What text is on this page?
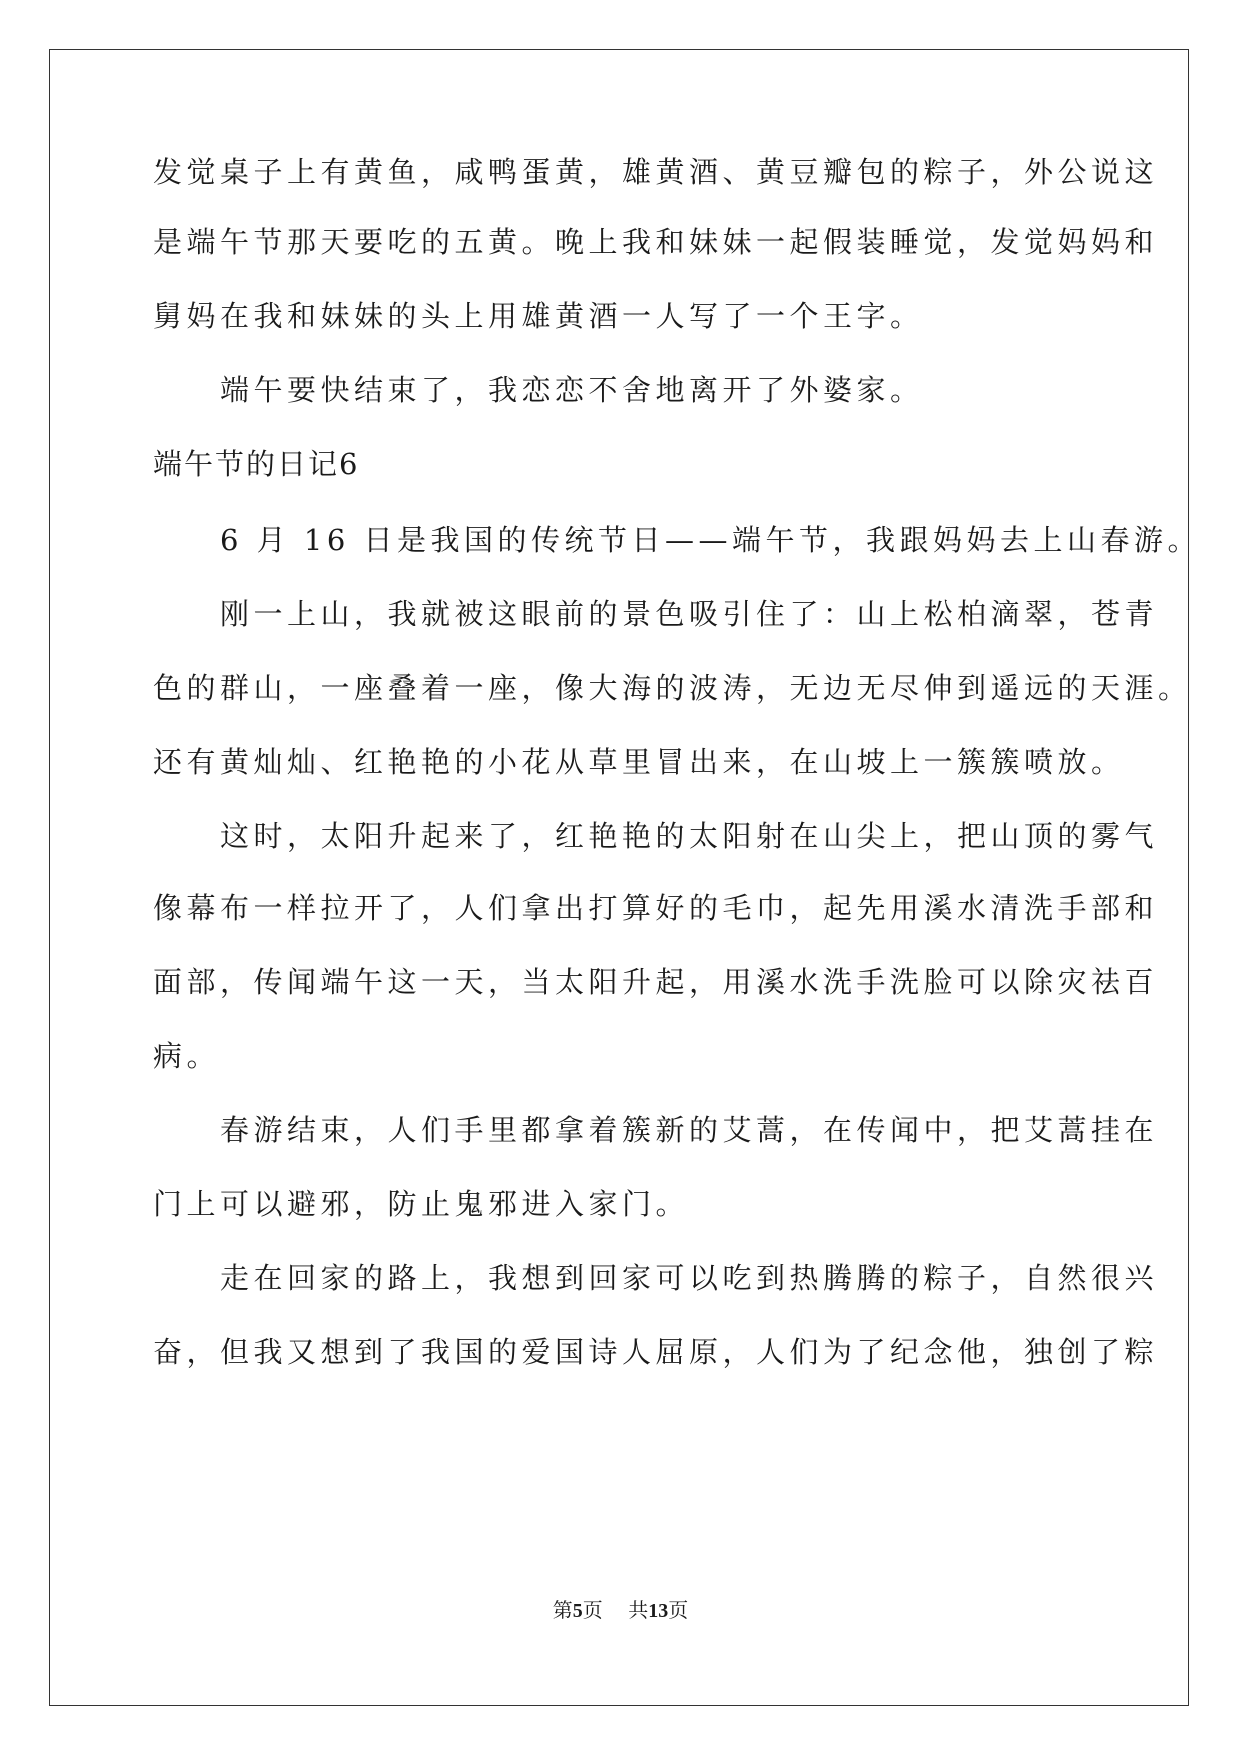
发觉桌子上有黄鱼，咸鸭蛋黄，雄黄酒、黄豆瓣包的粽子，外公说这
是端午节那天要吃的五黄。晚上我和妹妹一起假装睡觉，发觉妈妈和
舅妈在我和妹妹的头上用雄黄酒一人写了一个王字。
　　端午要快结束了，我恋恋不舍地离开了外婆家。
端午节的日记6
　　6 月 16 日是我国的传统节日——端午节，我跟妈妈去上山春游。
　　刚一上山，我就被这眼前的景色吸引住了：山上松柏滴翠，苍青
色的群山，一座叠着一座，像大海的波涛，无边无尽伸到遥远的天涯。
还有黄灿灿、红艳艳的小花从草里冒出来，在山坡上一簇簇喷放。
　　这时，太阳升起来了，红艳艳的太阳射在山尖上，把山顶的雾气
像幕布一样拉开了，人们拿出打算好的毛巾，起先用溪水清洗手部和
面部，传闻端午这一天，当太阳升起，用溪水洗手洗脸可以除灾祛百
病。
　　春游结束，人们手里都拿着簇新的艾蒿，在传闻中，把艾蒿挂在
门上可以避邪，防止鬼邪进入家门。
　　走在回家的路上，我想到回家可以吃到热腾腾的粽子，自然很兴
奋，但我又想到了我国的爱国诗人屈原，人们为了纪念他，独创了粽
第5页    共13页
